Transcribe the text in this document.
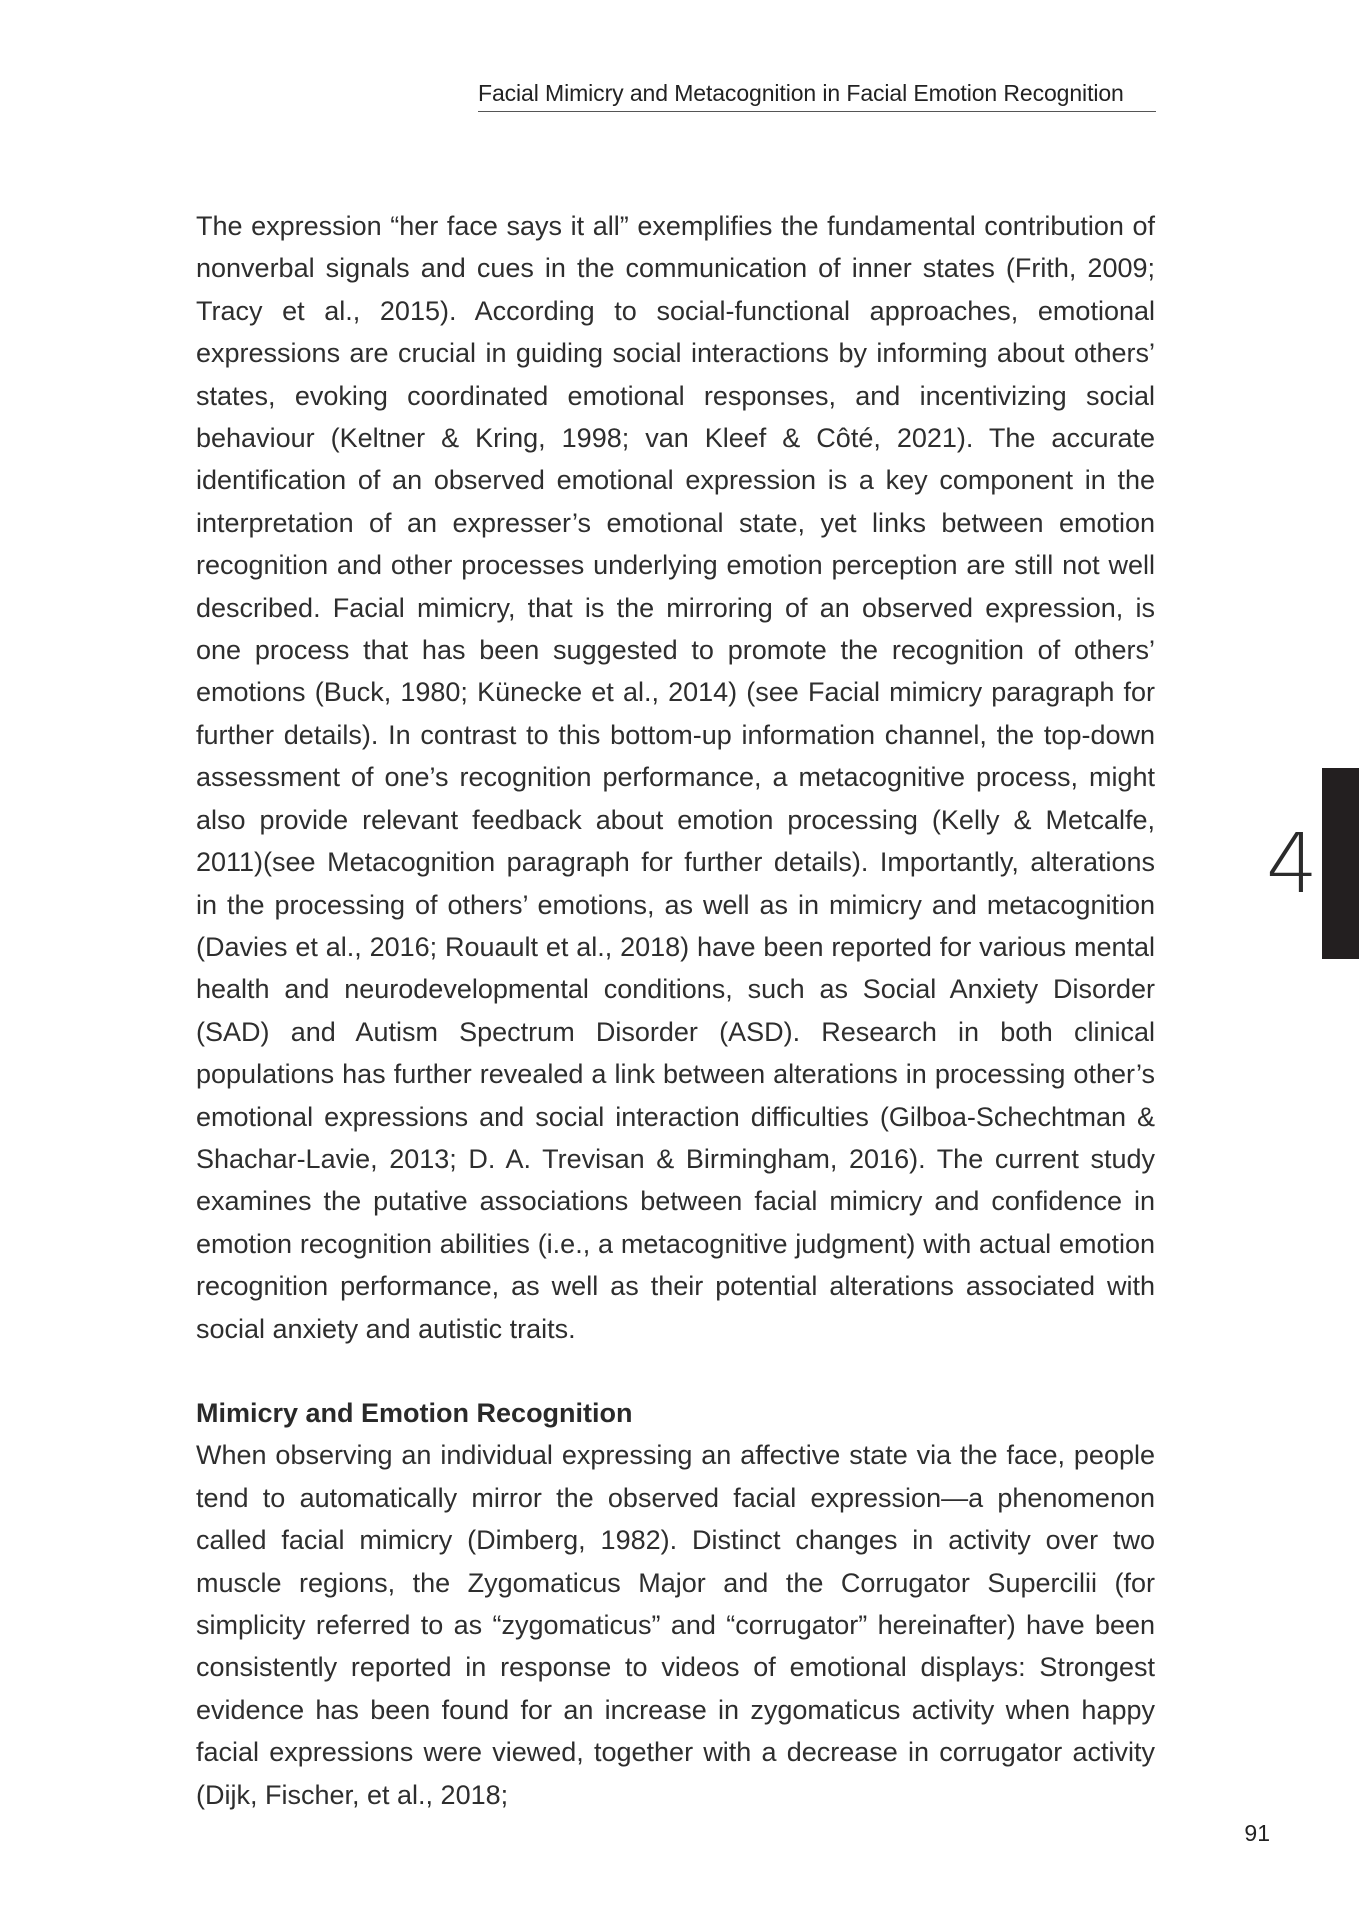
Facial Mimicry and Metacognition in Facial Emotion Recognition

The expression “her face says it all” exemplifies the fundamental contribution of nonverbal signals and cues in the communication of inner states (Frith, 2009; Tracy et al., 2015). According to social-functional approaches, emotional expressions are crucial in guiding social interactions by informing about others’ states, evoking coordinated emotional responses, and incentivizing social behaviour (Keltner & Kring, 1998; van Kleef & Côté, 2021). The accurate identification of an observed emotional expression is a key component in the interpretation of an expresser’s emotional state, yet links between emotion recognition and other processes underlying emotion perception are still not well described. Facial mimicry, that is the mirroring of an observed expression, is one process that has been suggested to promote the recognition of others’ emotions (Buck, 1980; Künecke et al., 2014) (see Facial mimicry paragraph for further details). In contrast to this bottom-up information channel, the top-down assessment of one’s recognition performance, a metacognitive process, might also provide relevant feedback about emotion processing (Kelly & Metcalfe, 2011)(see Metacognition paragraph for further details). Importantly, alterations in the processing of others’ emotions, as well as in mimicry and metacognition (Davies et al., 2016; Rouault et al., 2018) have been reported for various mental health and neurodevelopmental conditions, such as Social Anxiety Disorder (SAD) and Autism Spectrum Disorder (ASD). Research in both clinical populations has further revealed a link between alterations in processing other’s emotional expressions and social interaction difficulties (Gilboa-Schechtman & Shachar-Lavie, 2013; D. A. Trevisan & Birmingham, 2016). The current study examines the putative associations between facial mimicry and confidence in emotion recognition abilities (i.e., a metacognitive judgment) with actual emotion recognition performance, as well as their potential alterations associated with social anxiety and autistic traits.

Mimicry and Emotion Recognition

When observing an individual expressing an affective state via the face, people tend to automatically mirror the observed facial expression—a phenomenon called facial mimicry (Dimberg, 1982). Distinct changes in activity over two muscle regions, the Zygomaticus Major and the Corrugator Supercilii (for simplicity referred to as “zygomaticus” and “corrugator” hereinafter) have been consistently reported in response to videos of emotional displays: Strongest evidence has been found for an increase in zygomaticus activity when happy facial expressions were viewed, together with a decrease in corrugator activity (Dijk, Fischer, et al., 2018;

4
91
